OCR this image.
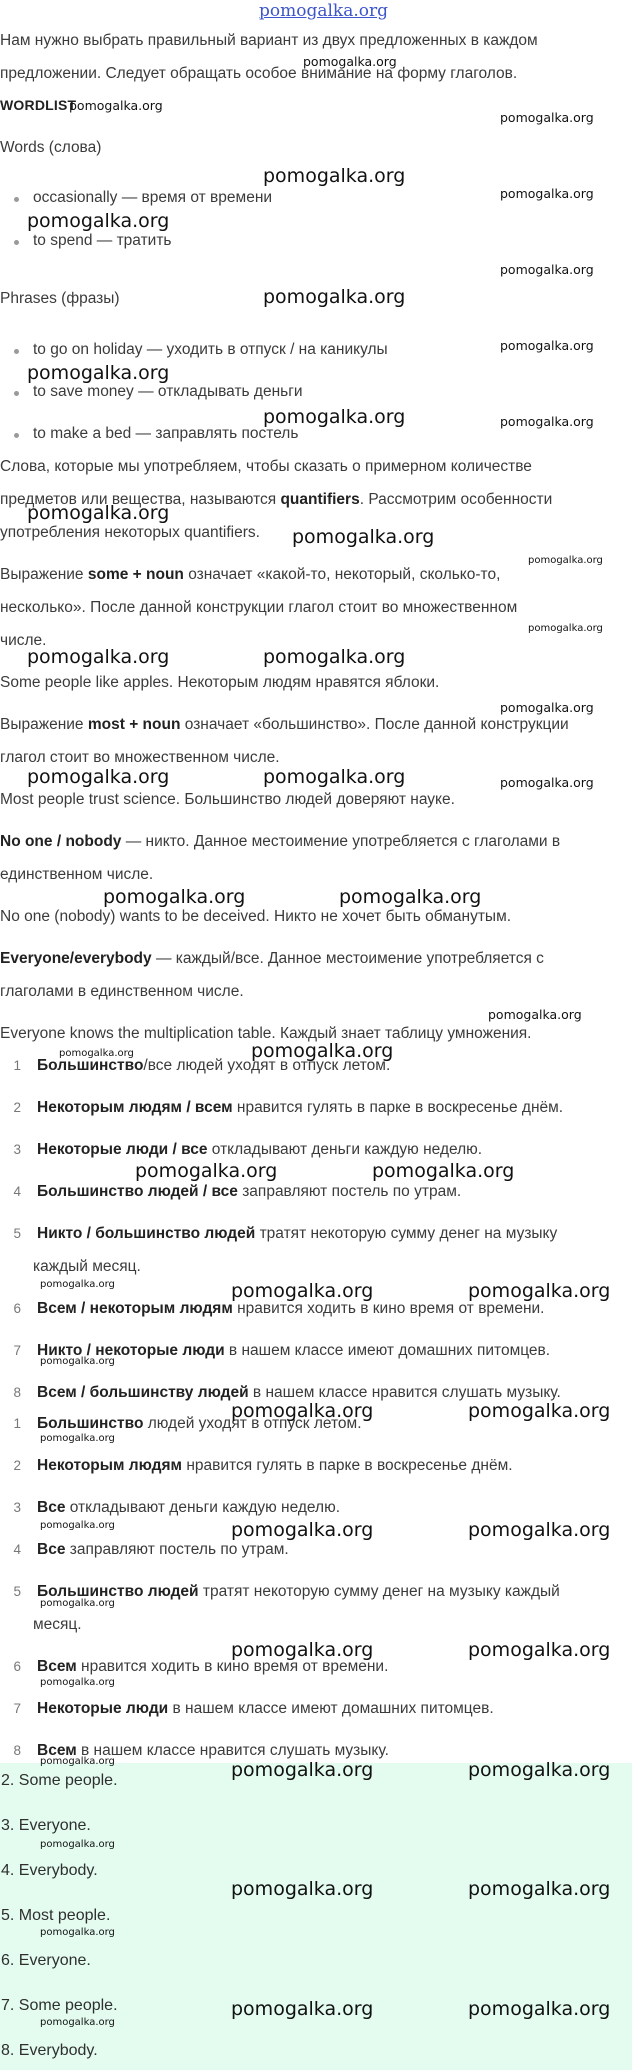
pomogalka.org
Нам нужно выбрать правильный вариант из двух предложенных в каждом
предложении. Следует обращать особое внимание на форму глаголов.
WORDLIST
Words (слова)
occasionally — время от времени
to spend — тратить
Phrases (фразы)
to go on holiday — уходить в отпуск / на каникулы
to save money — откладывать деньги
to make a bed — заправлять постель
Слова, которые мы употребляем, чтобы сказать о примерном количестве
предметов или вещества, называются quantifiers. Рассмотрим особенности
употребления некоторых quantifiers.
Выражение some + noun означает «какой-то, некоторый, сколько-то,
несколько». После данной конструкции глагол стоит во множественном
числе.
Some people like apples. Некоторым людям нравятся яблоки.
Выражение most + noun означает «большинство». После данной конструкции
глагол стоит во множественном числе.
Most people trust science. Большинство людей доверяют науке.
No one / nobody — никто. Данное местоимение употребляется с глаголами в
единственном числе.
No one (nobody) wants to be deceived. Никто не хочет быть обманутым.
Everyone/everybody — каждый/все. Данное местоимение употребляется с
глаголами в единственном числе.
Everyone knows the multiplication table. Каждый знает таблицу умножения.
1 Большинство/все людей уходят в отпуск летом.
2 Некоторым людям / всем нравится гулять в парке в воскресенье днём.
3 Некоторые люди / все откладывают деньги каждую неделю.
4 Большинство людей / все заправляют постель по утрам.
5 Никто / большинство людей тратят некоторую сумму денег на музыку
каждый месяц.
6 Всем / некоторым людям нравится ходить в кино время от времени.
7 Никто / некоторые люди в нашем классе имеют домашних питомцев.
8 Всем / большинству людей в нашем классе нравится слушать музыку.
1 Большинство людей уходят в отпуск летом.
2 Некоторым людям нравится гулять в парке в воскресенье днём.
3 Все откладывают деньги каждую неделю.
4 Все заправляют постель по утрам.
5 Большинство людей тратят некоторую сумму денег на музыку каждый
месяц.
6 Всем нравится ходить в кино время от времени.
7 Некоторые люди в нашем классе имеют домашних питомцев.
8 Всем в нашем классе нравится слушать музыку.
2. Some people.
3. Everyone.
4. Everybody.
5. Most people.
6. Everyone.
7. Some people.
8. Everybody.
pomogalka.org
pomogalka.org
pomogalka.org
pomogalka.org
pomogalka.org
pomogalka.org
pomogalka.org
pomogalka.org
pomogalka.org
pomogalka.org
pomogalka.org	pomogalka.org
pomogalka.org
pomogalka.org
pomogalka.org
pomogalka.org
pomogalka.org	pomogalka.org
pomogalka.org
pomogalka.org	pomogalka.org	pomogalka.org
pomogalka.org	pomogalka.org
pomogalka.org
pomogalka.org	pomogalka.org
pomogalka.org	pomogalka.org
pomogalka.org	pomogalka.org	pomogalka.org
pomogalka.org
pomogalka.org	pomogalka.org
pomogalka.org
pomogalka.org	pomogalka.org
pomogalka.org
pomogalka.org
pomogalka.org	pomogalka.org
pomogalka.org
pomogalka.org	pomogalka.org	pomogalka.org
pomogalka.org
pomogalka.org	pomogalka.org
pomogalka.org
pomogalka.org	pomogalka.org
pomogalka.org
